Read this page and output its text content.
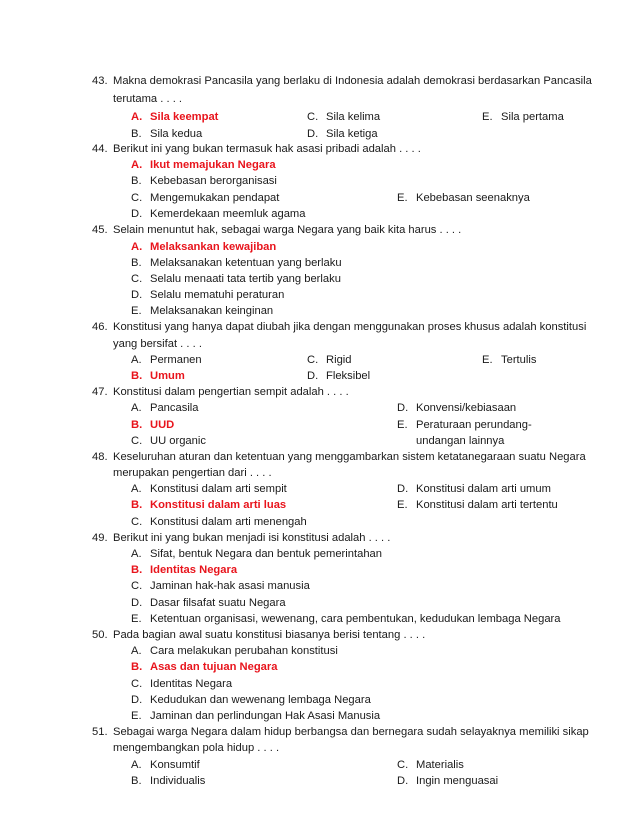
43. Makna demokrasi Pancasila yang berlaku di Indonesia adalah demokrasi berdasarkan Pancasila
terutama . . . .
A. Sila keempat	C. Sila kelima	E. Sila pertama
B. Sila kedua	D. Sila ketiga
44. Berikut ini yang bukan termasuk hak asasi pribadi adalah . . . .
A. Ikut memajukan Negara
B. Kebebasan berorganisasi
C. Mengemukakan pendapat	E. Kebebasan seenaknya
D. Kemerdekaan meemluk agama
45. Selain menuntut hak, sebagai warga Negara yang baik kita harus . . . .
A. Melaksankan kewajiban
B. Melaksanakan ketentuan yang berlaku
C. Selalu menaati tata tertib yang berlaku
D. Selalu mematuhi peraturan
E. Melaksanakan keinginan
46. Konstitusi yang hanya dapat diubah jika dengan menggunakan proses khusus adalah konstitusi
yang bersifat . . . .
A. Permanen	C. Rigid	E. Tertulis
B. Umum	D. Fleksibel
47. Konstitusi dalam pengertian sempit adalah . . . .
A. Pancasila	D. Konvensi/kebiasaan
B. UUD	E. Peraturaan perundang-
C. UU organic	undangan lainnya
48. Keseluruhan aturan dan ketentuan yang menggambarkan sistem ketatanegaraan suatu Negara
merupakan pengertian dari . . . .
A. Konstitusi dalam arti sempit	D. Konstitusi dalam arti umum
B. Konstitusi dalam arti luas	E. Konstitusi dalam arti tertentu
C. Konstitusi dalam arti menengah
49. Berikut ini yang bukan menjadi isi konstitusi adalah . . . .
A. Sifat, bentuk Negara dan bentuk pemerintahan
B. Identitas Negara
C. Jaminan hak-hak asasi manusia
D. Dasar filsafat suatu Negara
E. Ketentuan organisasi, wewenang, cara pembentukan, kedudukan lembaga Negara
50. Pada bagian awal suatu konstitusi biasanya berisi tentang . . . .
A. Cara melakukan perubahan konstitusi
B. Asas dan tujuan Negara
C. Identitas Negara
D. Kedudukan dan wewenang lembaga Negara
E. Jaminan dan perlindungan Hak Asasi Manusia
51. Sebagai warga Negara dalam hidup berbangsa dan bernegara sudah selayaknya memiliki sikap
mengembangkan pola hidup . . . .
A. Konsumtif	C. Materialis
B. Individualis	D. Ingin menguasai
